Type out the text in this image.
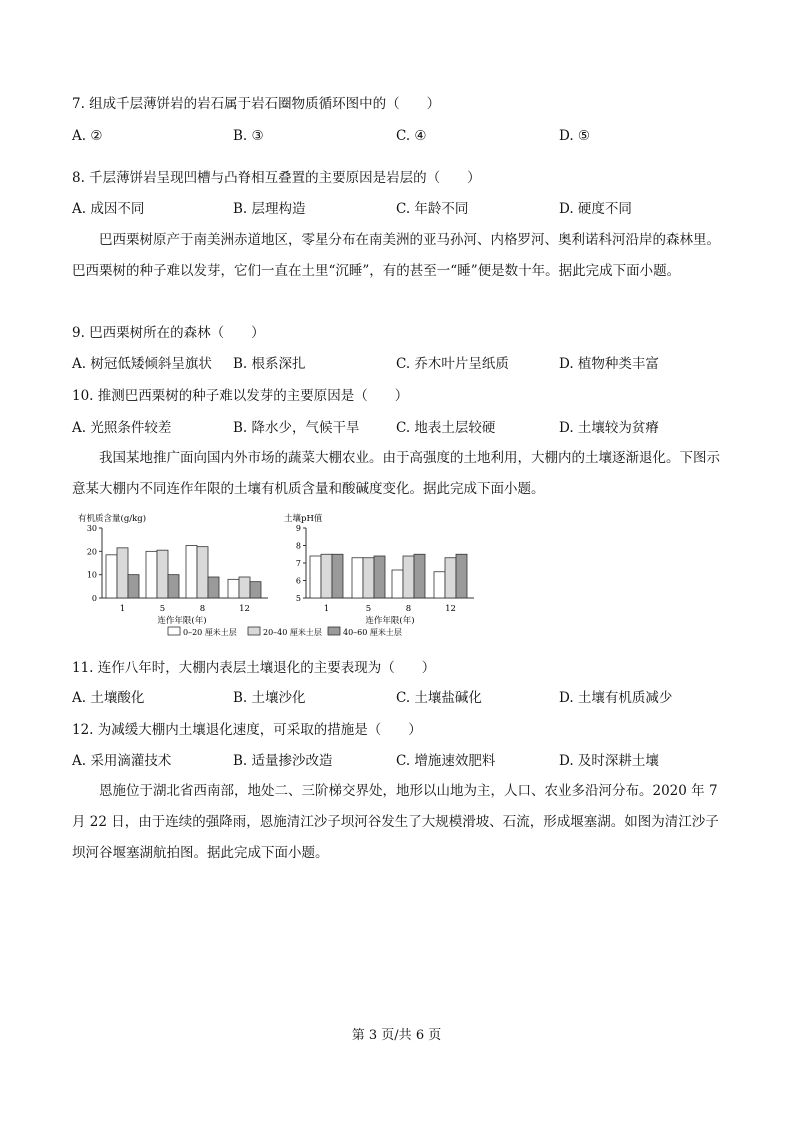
7. 组成千层薄饼岩的岩石属于岩石圈物质循环图中的（　　）
A. ②	B. ③	C. ④	D. ⑤
8. 千层薄饼岩呈现凹槽与凸脊相互叠置的主要原因是岩层的（　　）
A. 成因不同	B. 层理构造	C. 年龄不同	D. 硬度不同

巴西栗树原产于南美洲赤道地区，零星分布在南美洲的亚马孙河、内格罗河、奥利诺科河沿岸的森林里。巴西栗树的种子难以发芽，它们一直在土里“沉睡”，有的甚至一“睡”便是数十年。据此完成下面小题。

9. 巴西栗树所在的森林（　　）
A. 树冠低矮倾斜呈旗状 B. 根系深扎	C. 乔木叶片呈纸质	D. 植物种类丰富
10. 推测巴西栗树的种子难以发芽的主要原因是（　　）
A. 光照条件较差	B. 降水少，气候干旱	C. 地表土层较硬	D. 土壤较为贫瘠

我国某地推广面向国内外市场的蔬菜大棚农业。由于高强度的土地利用，大棚内的土壤逐渐退化。下图示意某大棚内不同连作年限的土壤有机质含量和酸碱度变化。据此完成下面小题。

有机质含量(g/kg)
0
10
20
30
1	5	8	12
连作年限(年)
土壤pH值
5
6
7
8
9
1	5	8	12
连作年限(年)
0–20 厘米土层	20–40 厘米土层	40–60 厘米土层
11. 连作八年时，大棚内表层土壤退化的主要表现为（　　）
A. 土壤酸化	B. 土壤沙化	C. 土壤盐碱化	D. 土壤有机质减少
12. 为减缓大棚内土壤退化速度，可采取的措施是（　　）
A. 采用滴灌技术	B. 适量掺沙改造	C. 增施速效肥料	D. 及时深耕土壤

恩施位于湖北省西南部，地处二、三阶梯交界处，地形以山地为主，人口、农业多沿河分布。2020 年 7 月 22 日，由于连续的强降雨，恩施清江沙子坝河谷发生了大规模滑坡、石流，形成堰塞湖。如图为清江沙子坝河谷堰塞湖航拍图。据此完成下面小题。

第 3 页/共 6 页
